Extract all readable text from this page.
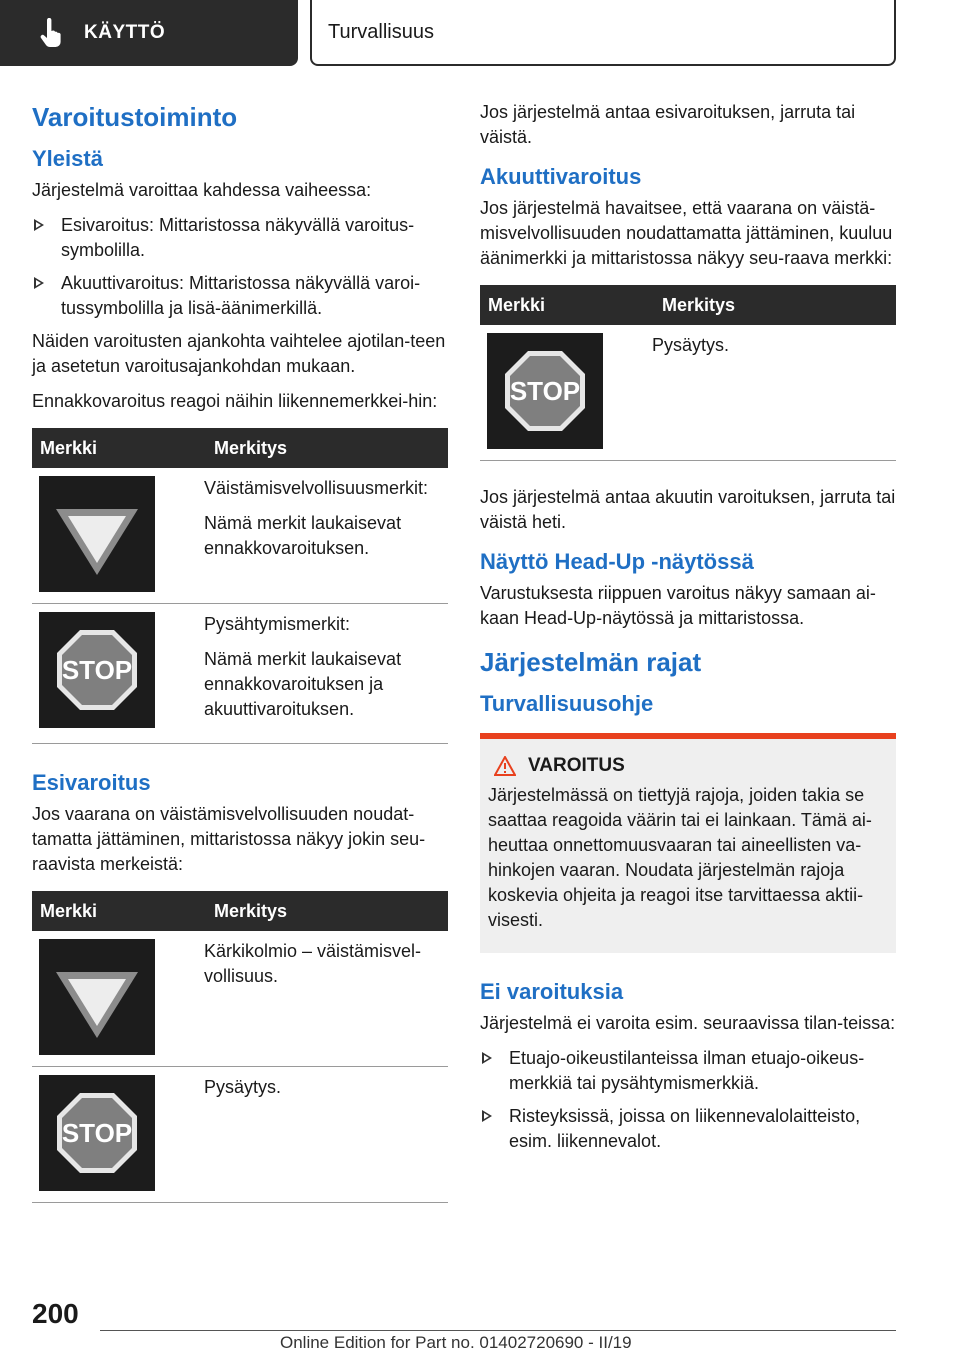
KÄYTTÖ	Turvallisuus
Varoitustoiminto
Yleistä

Järjestelmä varoittaa kahdessa vaiheessa:

Esivaroitus: Mittaristossa näkyvällä varoitus-symbolilla.
Akuuttivaroitus: Mittaristossa näkyvällä varoi-tussymbolilla ja lisä-äänimerkillä.

Näiden varoitusten ajankohta vaihtelee ajotilan-teen ja asetetun varoitusajankohdan mukaan.

Ennakkovaroitus reagoi näihin liikennemerkkei-hin:

Merkki	Merkitys

Väistämisvelvollisuusmerkit:

Nämä merkit laukaisevat ennakkovaroituksen.

STOP	Pysähtymismerkit:

Nämä merkit laukaisevat ennakkovaroituksen ja akuuttivaroituksen.

Esivaroitus

Jos vaarana on väistämisvelvollisuuden noudat-tamatta jättäminen, mittaristossa näkyy jokin seu-raavista merkeistä:

Merkki	Merkitys

Kärkikolmio – väistämisvel-vollisuus.

STOP	Pysäytys.

Jos järjestelmä antaa esivaroituksen, jarruta tai väistä.

Akuuttivaroitus

Jos järjestelmä havaitsee, että vaarana on väistä-misvelvollisuuden noudattamatta jättäminen, kuuluu äänimerkki ja mittaristossa näkyy seu-raava merkki:

Merkki	Merkitys

STOP	Pysäytys.

Jos järjestelmä antaa akuutin varoituksen, jarruta tai väistä heti.

Näyttö Head-Up -näytössä

Varustuksesta riippuen varoitus näkyy samaan ai-kaan Head-Up-näytössä ja mittaristossa.

Järjestelmän rajat
Turvallisuusohje
VAROITUS

Järjestelmässä on tiettyjä rajoja, joiden takia se saattaa reagoida väärin tai ei lainkaan. Tämä ai-heuttaa onnettomuusvaaran tai aineellisten va-hinkojen vaaran. Noudata järjestelmän rajoja koskevia ohjeita ja reagoi itse tarvittaessa aktii-visesti.

Ei varoituksia

Järjestelmä ei varoita esim. seuraavissa tilan-teissa:

Etuajo-oikeustilanteissa ilman etuajo-oikeus-merkkiä tai pysähtymismerkkiä.
Risteyksissä, joissa on liikennevalolaitteisto, esim. liikennevalot.
200
Online Edition for Part no. 01402720690 - II/19
